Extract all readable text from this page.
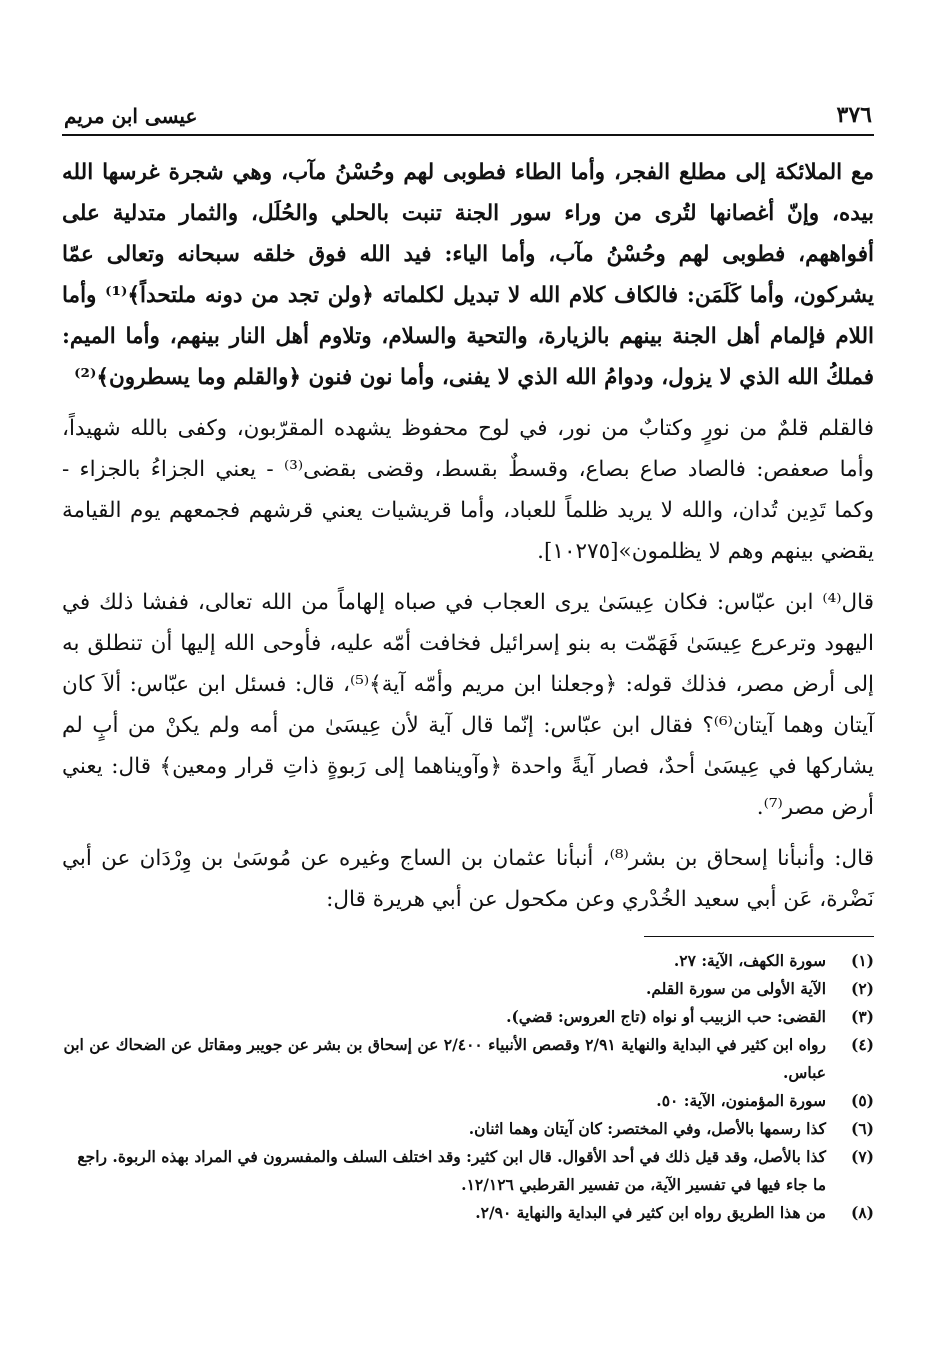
٣٧٦
عيسى ابن مريم

مع الملائكة إلى مطلع الفجر، وأما الطاء فطوبى لهم وحُسْنُ مآب، وهي شجرة غرسها الله بيده، وإنّ أغصانها لتُرى من وراء سور الجنة تنبت بالحلي والحُلَل، والثمار متدلية على أفواههم، فطوبى لهم وحُسْنُ مآب، وأما الياء: فيد الله فوق خلقه سبحانه وتعالى عمّا يشركون، وأما كَلَمَن: فالكاف كلام الله لا تبديل لكلماته ﴿ولن تجد من دونه ملتحداً﴾⁽¹⁾ وأما اللام فإلمام أهل الجنة بينهم بالزيارة، والتحية والسلام، وتلاوم أهل النار بينهم، وأما الميم: فملكُ الله الذي لا يزول، ودوامُ الله الذي لا يفنى، وأما نون فنون ﴿والقلم وما يسطرون﴾⁽²⁾

فالقلم قلمٌ من نورٍ وكتابٌ من نور، في لوح محفوظ يشهده المقرّبون، وكفى بالله شهيداً، وأما صعفص: فالصاد صاع بصاع، وقسطٌ بقسط، وقضى بقضى⁽³⁾ - يعني الجزاءُ بالجزاء - وكما تَدِين تُدان، والله لا يريد ظلماً للعباد، وأما قريشيات يعني قرشهم فجمعهم يوم القيامة يقضي بينهم وهم لا يظلمون»[١٠٢٧٥].

قال⁽⁴⁾ ابن عبّاس: فكان عِيسَىٰ يرى العجاب في صباه إلهاماً من الله تعالى، ففشا ذلك في اليهود وترعرع عِيسَىٰ فَهَمّت به بنو إسرائيل فخافت أمّه عليه، فأوحى الله إليها أن تنطلق به إلى أرض مصر، فذلك قوله: ﴿وجعلنا ابن مريم وأمّه آية﴾⁽⁵⁾، قال: فسئل ابن عبّاس: ألاَ كان آيتان وهما آيتان⁽⁶⁾؟ فقال ابن عبّاس: إنّما قال آية لأن عِيسَىٰ من أمه ولم يكنْ من أبٍ لم يشاركها في عِيسَىٰ أحدٌ، فصار آيةً واحدة ﴿وآويناهما إلى رَبوةٍ ذاتِ قرار ومعين﴾ قال: يعني أرض مصر⁽⁷⁾.

قال: وأنبأنا إسحاق بن بشر⁽⁸⁾، أنبأنا عثمان بن الساج وغيره عن مُوسَىٰ بن وِرْدَان عن أبي نَضْرة، عَن أبي سعيد الخُدْري وعن مكحول عن أبي هريرة قال:

(١)
سورة الكهف، الآية: ٢٧.
(٢)
الآية الأولى من سورة القلم.
(٣)
القضى: حب الزبيب أو نواه (تاج العروس: قضي).
(٤)
رواه ابن كثير في البداية والنهاية ٢/٩١ وقصص الأنبياء ٢/٤٠٠ عن إسحاق بن بشر عن جويبر ومقاتل عن الضحاك عن ابن عباس.
(٥)
سورة المؤمنون، الآية: ٥٠.
(٦)
كذا رسمها بالأصل، وفي المختصر: كان آيتان وهما اثنان.
(٧)
كذا بالأصل، وقد قيل ذلك في أحد الأقوال. قال ابن كثير: وقد اختلف السلف والمفسرون في المراد بهذه الربوة. راجع ما جاء فيها في تفسير الآية، من تفسير القرطبي ١٢/١٢٦.
(٨)
من هذا الطريق رواه ابن كثير في البداية والنهاية ٢/٩٠.
